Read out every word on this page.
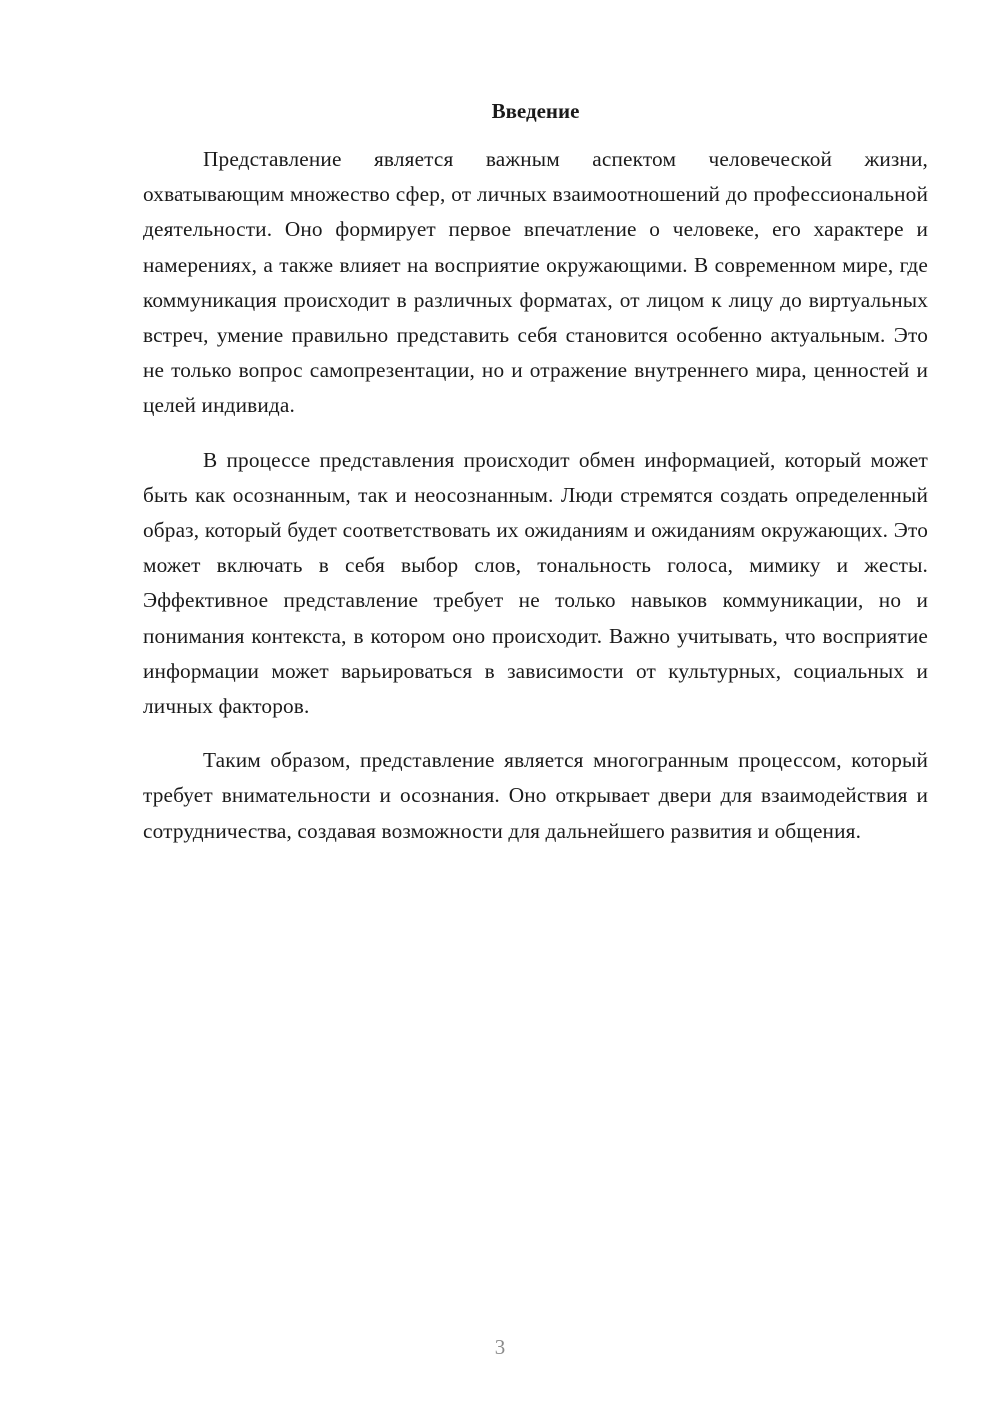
Введение

Представление является важным аспектом человеческой жизни, охватывающим множество сфер, от личных взаимоотношений до профессиональной деятельности. Оно формирует первое впечатление о человеке, его характере и намерениях, а также влияет на восприятие окружающими. В современном мире, где коммуникация происходит в различных форматах, от лицом к лицу до виртуальных встреч, умение правильно представить себя становится особенно актуальным. Это не только вопрос самопрезентации, но и отражение внутреннего мира, ценностей и целей индивида.

В процессе представления происходит обмен информацией, который может быть как осознанным, так и неосознанным. Люди стремятся создать определенный образ, который будет соответствовать их ожиданиям и ожиданиям окружающих. Это может включать в себя выбор слов, тональность голоса, мимику и жесты. Эффективное представление требует не только навыков коммуникации, но и понимания контекста, в котором оно происходит. Важно учитывать, что восприятие информации может варьироваться в зависимости от культурных, социальных и личных факторов.

Таким образом, представление является многогранным процессом, который требует внимательности и осознания. Оно открывает двери для взаимодействия и сотрудничества, создавая возможности для дальнейшего развития и общения.

3
